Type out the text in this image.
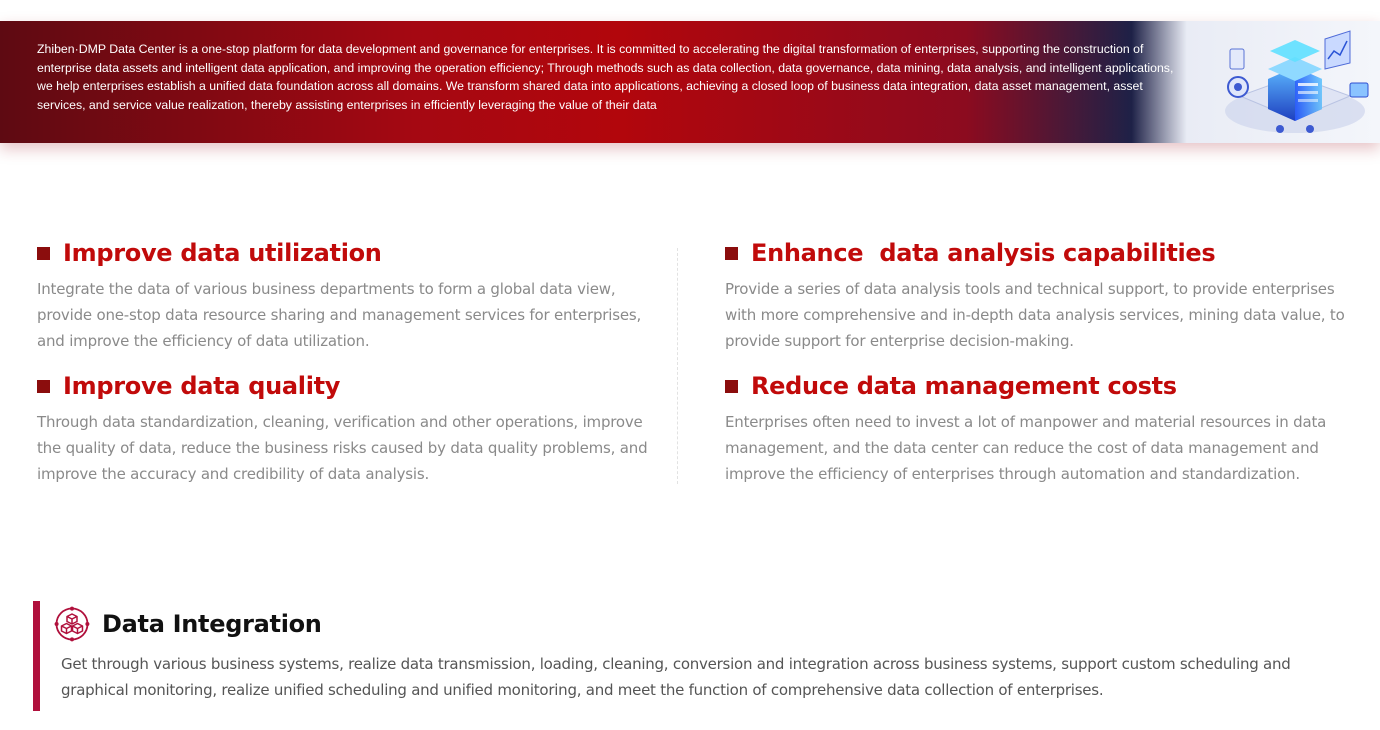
Zhiben·DMP Data Center is a one-stop platform for data development and governance for enterprises. It is committed to accelerating the digital transformation of enterprises, supporting the construction of enterprise data assets and intelligent data application, and improving the operation efficiency; Through methods such as data collection, data governance, data mining, data analysis, and intelligent applications, we help enterprises establish a unified data foundation across all domains. We transform shared data into applications, achieving a closed loop of business data integration, data asset management, asset services, and service value realization, thereby assisting enterprises in efficiently leveraging the value of their data
Improve data utilization

Integrate the data of various business departments to form a global data view, provide one-stop data resource sharing and management services for enterprises, and improve the efficiency of data utilization.

Improve data quality

Through data standardization, cleaning, verification and other operations, improve the quality of data, reduce the business risks caused by data quality problems, and improve the accuracy and credibility of data analysis.

Enhance  data analysis capabilities

Provide a series of data analysis tools and technical support, to provide enterprises with more comprehensive and in-depth data analysis services, mining data value, to provide support for enterprise decision-making.

Reduce data management costs

Enterprises often need to invest a lot of manpower and material resources in data management, and the data center can reduce the cost of data management and improve the efficiency of enterprises through automation and standardization.

Data Integration

Get through various business systems, realize data transmission, loading, cleaning, conversion and integration across business systems, support custom scheduling and graphical monitoring, realize unified scheduling and unified monitoring, and meet the function of comprehensive data collection of enterprises.
